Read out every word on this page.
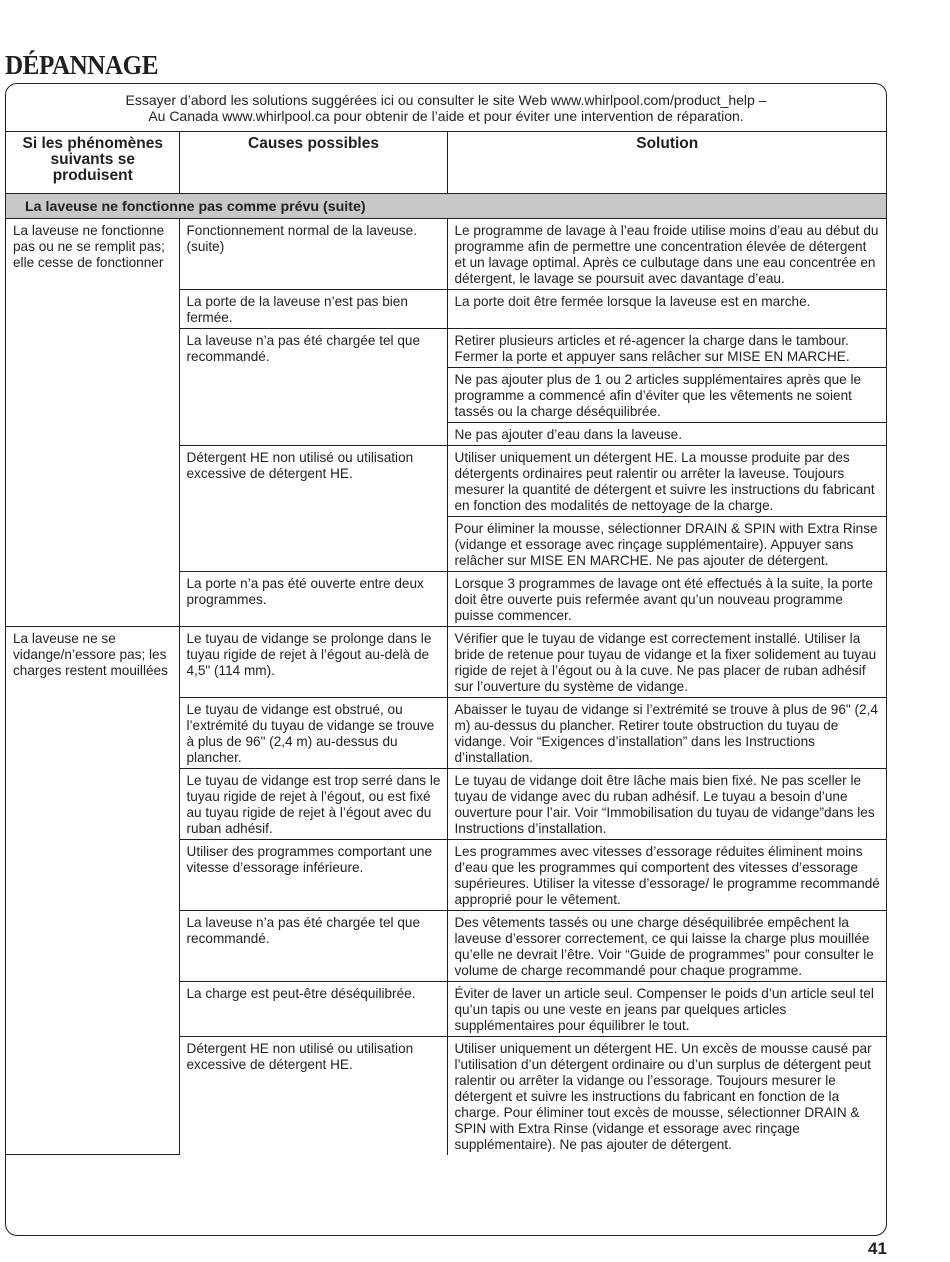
DÉPANNAGE
Essayer d’abord les solutions suggérées ici ou consulter le site Web www.whirlpool.com/product_help –
Au Canada www.whirlpool.ca pour obtenir de l’aide et pour éviter une intervention de réparation.
Si les phénomènes suivants se produisent	Causes possibles	Solution
La laveuse ne fonctionne pas comme prévu (suite)		
La laveuse ne fonctionne pas ou ne se remplit pas; elle cesse de fonctionner	Fonctionnement normal de la laveuse. (suite)	Le programme de lavage à l’eau froide utilise moins d’eau au début du programme afin de permettre une concentration élevée de détergent et un lavage optimal. Après ce culbutage dans une eau concentrée en détergent, le lavage se poursuit avec davantage d’eau.
	La porte de la laveuse n’est pas bien fermée.	La porte doit être fermée lorsque la laveuse est en marche.
	La laveuse n’a pas été chargée tel que recommandé.	Retirer plusieurs articles et ré-agencer la charge dans le tambour. Fermer la porte et appuyer sans relâcher sur MISE EN MARCHE.
		Ne pas ajouter plus de 1 ou 2 articles supplémentaires après que le programme a commencé afin d’éviter que les vêtements ne soient tassés ou la charge déséquilibrée.
		Ne pas ajouter d’eau dans la laveuse.
	Détergent HE non utilisé ou utilisation excessive de détergent HE.	Utiliser uniquement un détergent HE. La mousse produite par des détergents ordinaires peut ralentir ou arrêter la laveuse. Toujours mesurer la quantité de détergent et suivre les instructions du fabricant en fonction des modalités de nettoyage de la charge.
		Pour éliminer la mousse, sélectionner DRAIN & SPIN with Extra Rinse (vidange et essorage avec rinçage supplémentaire). Appuyer sans relâcher sur MISE EN MARCHE. Ne pas ajouter de détergent.
	La porte n’a pas été ouverte entre deux programmes.	Lorsque 3 programmes de lavage ont été effectués à la suite, la porte doit être ouverte puis refermée avant qu’un nouveau programme puisse commencer.
La laveuse ne se vidange/n’essore pas; les charges restent mouillées	Le tuyau de vidange se prolonge dans le tuyau rigide de rejet à l’égout au-delà de 4,5" (114 mm).	Vérifier que le tuyau de vidange est correctement installé. Utiliser la bride de retenue pour tuyau de vidange et la fixer solidement au tuyau rigide de rejet à l’égout ou à la cuve. Ne pas placer de ruban adhésif sur l’ouverture du système de vidange.
	Le tuyau de vidange est obstrué, ou l’extrémité du tuyau de vidange se trouve à plus de 96" (2,4 m) au-dessus du plancher.	Abaisser le tuyau de vidange si l’extrémité se trouve à plus de 96" (2,4 m) au-dessus du plancher. Retirer toute obstruction du tuyau de vidange. Voir “Exigences d’installation” dans les Instructions d’installation.
	Le tuyau de vidange est trop serré dans le tuyau rigide de rejet à l’égout, ou est fixé au tuyau rigide de rejet à l’égout avec du ruban adhésif.	Le tuyau de vidange doit être lâche mais bien fixé. Ne pas sceller le tuyau de vidange avec du ruban adhésif. Le tuyau a besoin d’une ouverture pour l’air. Voir “Immobilisation du tuyau de vidange”dans les Instructions d’installation.
	Utiliser des programmes comportant une vitesse d’essorage inférieure.	Les programmes avec vitesses d’essorage réduites éliminent moins d’eau que les programmes qui comportent des vitesses d’essorage supérieures. Utiliser la vitesse d’essorage/ le programme recommandé approprié pour le vêtement.
	La laveuse n’a pas été chargée tel que recommandé.	Des vêtements tassés ou une charge déséquilibrée empêchent la laveuse d’essorer correctement, ce qui laisse la charge plus mouillée qu’elle ne devrait l’être. Voir “Guide de programmes” pour consulter le volume de charge recommandé pour chaque programme.
	La charge est peut-être déséquilibrée.	Éviter de laver un article seul. Compenser le poids d’un article seul tel qu’un tapis ou une veste en jeans par quelques articles supplémentaires pour équilibrer le tout.
	Détergent HE non utilisé ou utilisation excessive de détergent HE.	Utiliser uniquement un détergent HE. Un excès de mousse causé par l’utilisation d’un détergent ordinaire ou d’un surplus de détergent peut ralentir ou arrêter la vidange ou l’essorage. Toujours mesurer le détergent et suivre les instructions du fabricant en fonction de la charge. Pour éliminer tout excès de mousse, sélectionner DRAIN & SPIN with Extra Rinse (vidange et essorage avec rinçage supplémentaire). Ne pas ajouter de détergent.
41
